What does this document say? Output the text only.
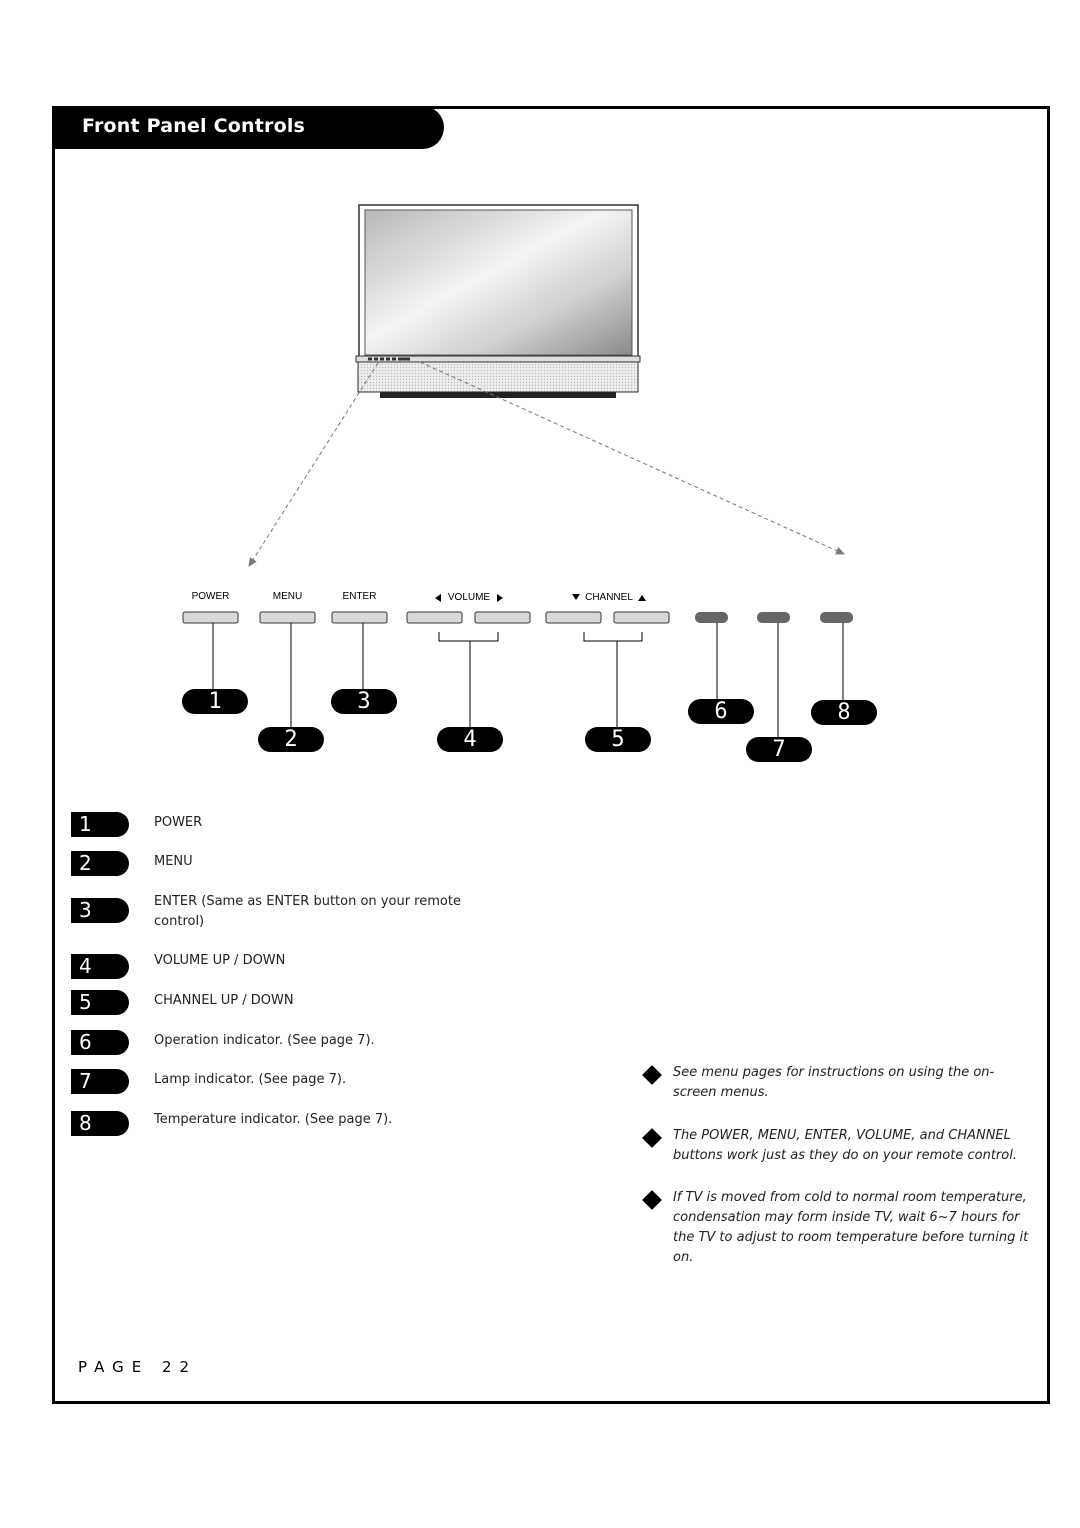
Front Panel Controls
POWER	MENU	ENTER	VOLUME	CHANNEL
1
2
3
4	5
6
7
8
1	POWER
2	MENU
3	ENTER (Same as ENTER button on your remote control)
4	VOLUME UP / DOWN
5	CHANNEL UP / DOWN
6	Operation indicator. (See page 7).
7	Lamp indicator. (See page 7).
8	Temperature indicator. (See page 7).
See menu pages for instructions on using the on-screen menus.
The POWER, MENU, ENTER, VOLUME, and CHANNEL buttons work just as they do on your remote control.
If TV is moved from cold to normal room temperature, condensation may form inside TV, wait 6~7 hours for the TV to adjust to room temperature before turning it on.
PAGE 22
